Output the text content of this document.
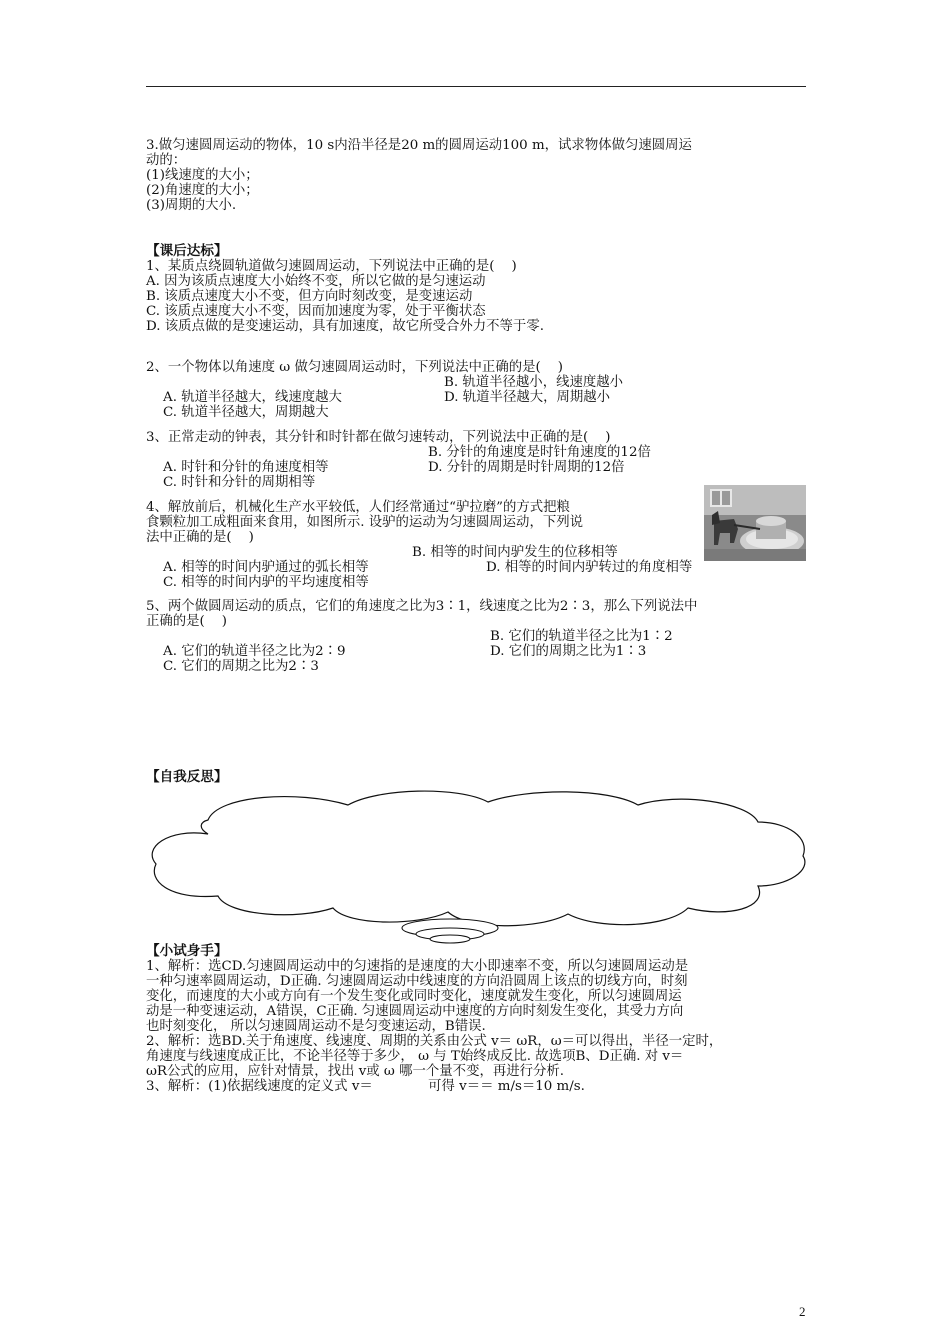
3.做匀速圆周运动的物体，10 s内沿半径是20 m的圆周运动100 m，试求物体做匀速圆周运
动的：
(1)线速度的大小；
(2)角速度的大小；
(3)周期的大小.
【课后达标】
1、某质点绕圆轨道做匀速圆周运动，下列说法中正确的是(    )
A. 因为该质点速度大小始终不变，所以它做的是匀速运动
B. 该质点速度大小不变，但方向时刻改变，是变速运动
C. 该质点速度大小不变，因而加速度为零，处于平衡状态
D. 该质点做的是变速运动，具有加速度，故它所受合外力不等于零.
2、一个物体以角速度 ω 做匀速圆周运动时，下列说法中正确的是(    )

A. 轨道半径越大，线速度越大

B. 轨道半径越小，线速度越小

C. 轨道半径越大，周期越大

D. 轨道半径越大，周期越小

3、正常走动的钟表，其分针和时针都在做匀速转动，下列说法中正确的是(    )

A. 时针和分针的角速度相等

B. 分针的角速度是时针角速度的12倍

C. 时针和分针的周期相等

D. 分针的周期是时针周期的12倍

4、解放前后，机械化生产水平较低，人们经常通过“驴拉磨”的方式把粮
食颗粒加工成粗面来食用，如图所示. 设驴的运动为匀速圆周运动，下列说
法中正确的是(    )

A. 相等的时间内驴通过的弧长相等

B. 相等的时间内驴发生的位移相等

C. 相等的时间内驴的平均速度相等

D. 相等的时间内驴转过的角度相等

5、两个做圆周运动的质点，它们的角速度之比为3∶1，线速度之比为2∶3，那么下列说法中
正确的是(    )

A. 它们的轨道半径之比为2∶9

B. 它们的轨道半径之比为1∶2

C. 它们的周期之比为2∶3

D. 它们的周期之比为1∶3

【自我反思】
【小试身手】
1、解析：选CD.匀速圆周运动中的匀速指的是速度的大小即速率不变，所以匀速圆周运动是
一种匀速率圆周运动，D正确. 匀速圆周运动中线速度的方向沿圆周上该点的切线方向，时刻
变化，而速度的大小或方向有一个发生变化或同时变化，速度就发生变化，所以匀速圆周运
动是一种变速运动，A错误，C正确. 匀速圆周运动中速度的方向时刻发生变化，其受力方向
也时刻变化， 所以匀速圆周运动不是匀变速运动，B错误.
2、解析：选BD.关于角速度、线速度、周期的关系由公式 v＝ ωR，ω＝可以得出，半径一定时，
角速度与线速度成正比，不论半径等于多少， ω 与 T始终成反比. 故选项B、D正确. 对 v＝
ωR公式的应用，应针对情景，找出 v或 ω 哪一个量不变，再进行分析.
3、解析：(1)依据线速度的定义式 v＝             可得 v＝＝ m/s＝10 m/s.
2
